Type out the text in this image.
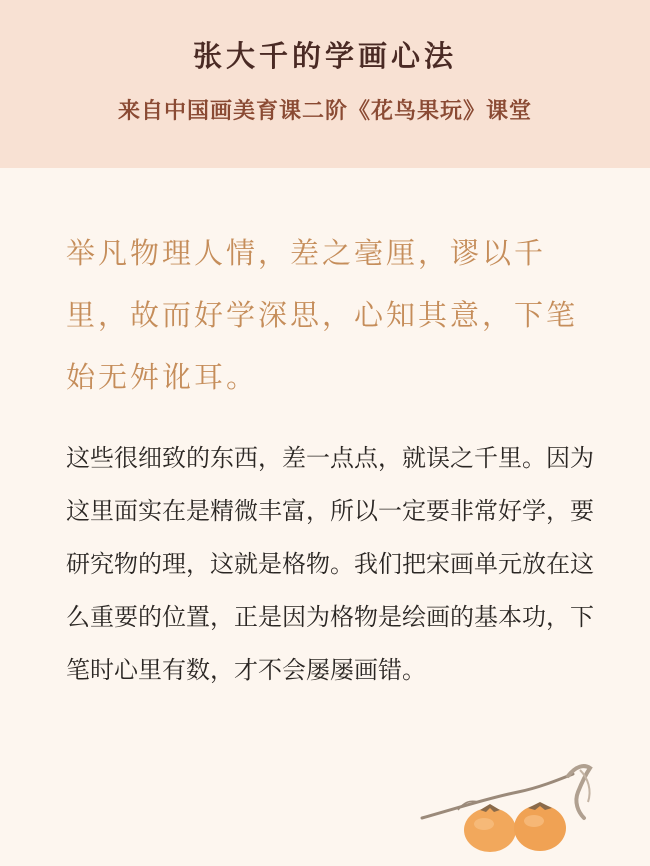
张大千的学画心法
来自中国画美育课二阶《花鸟果玩》课堂
举凡物理人情，差之毫厘，谬以千里，故而好学深思，心知其意，下笔始无舛讹耳。
这些很细致的东西，差一点点，就误之千里。因为这里面实在是精微丰富，所以一定要非常好学，要研究物的理，这就是格物。我们把宋画单元放在这么重要的位置，正是因为格物是绘画的基本功，下笔时心里有数，才不会屡屡画错。
